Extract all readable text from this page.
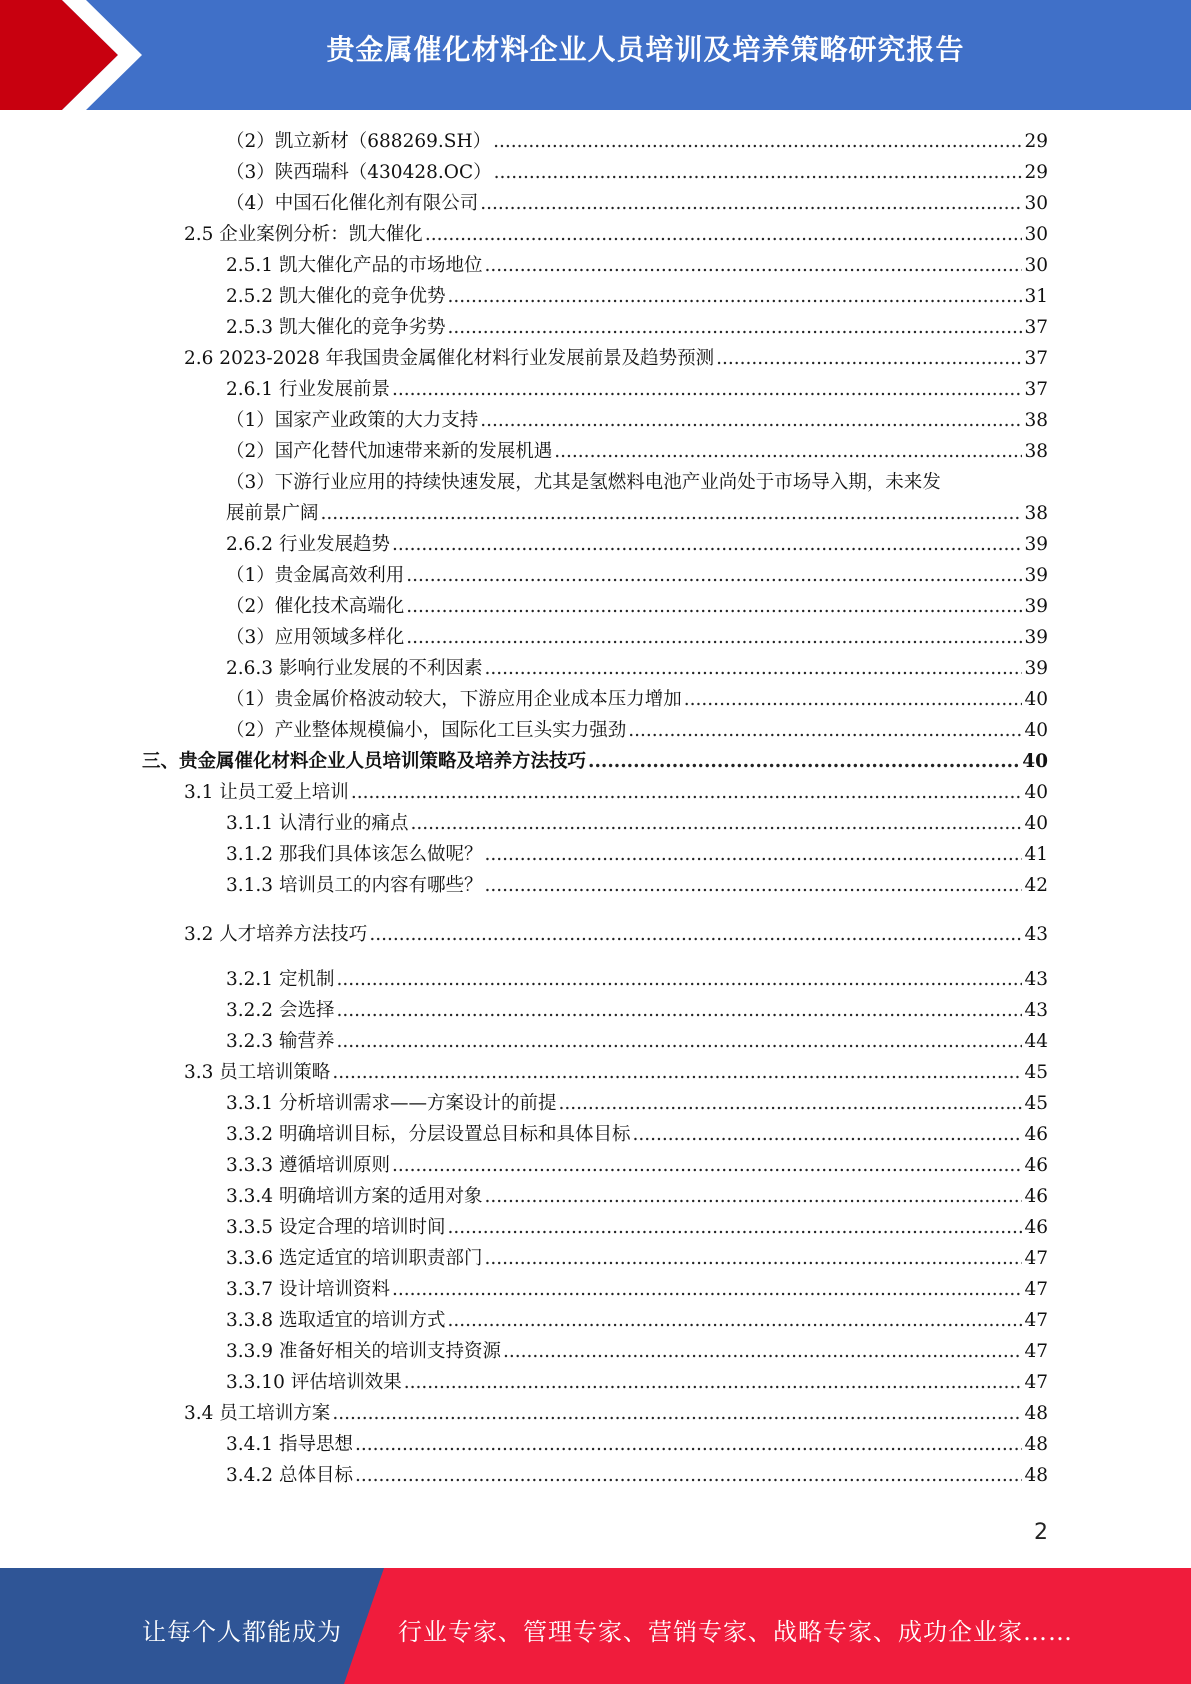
贵金属催化材料企业人员培训及培养策略研究报告
（2）凯立新材（688269.SH） .....	29
（3）陕西瑞科（430428.OC） .....	29
（4）中国石化催化剂有限公司 .....	30
2.5 企业案例分析：凯大催化 .....	30
2.5.1 凯大催化产品的市场地位 .....	30
2.5.2 凯大催化的竞争优势 .....	31
2.5.3 凯大催化的竞争劣势 .....	37
2.6 2023-2028 年我国贵金属催化材料行业发展前景及趋势预测 .....	37
2.6.1 行业发展前景 .....	37
（1）国家产业政策的大力支持 .....	38
（2）国产化替代加速带来新的发展机遇 .....	38
（3）下游行业应用的持续快速发展，尤其是氢燃料电池产业尚处于市场导入期，未来发
展前景广阔 .....	38
2.6.2 行业发展趋势 .....	39
（1）贵金属高效利用 .....	39
（2）催化技术高端化 .....	39
（3）应用领域多样化 .....	39
2.6.3 影响行业发展的不利因素 .....	39
（1）贵金属价格波动较大，下游应用企业成本压力增加 .....	40
（2）产业整体规模偏小，国际化工巨头实力强劲 .....	40
三、贵金属催化材料企业人员培训策略及培养方法技巧 .....	40
3.1 让员工爱上培训 .....	40
3.1.1 认清行业的痛点 .....	40
3.1.2 那我们具体该怎么做呢？ .....	41
3.1.3 培训员工的内容有哪些？ .....	42
3.2 人才培养方法技巧 .....	43
3.2.1 定机制 .....	43
3.2.2 会选择 .....	43
3.2.3 输营养 .....	44
3.3 员工培训策略 .....	45
3.3.1 分析培训需求——方案设计的前提 .....	45
3.3.2 明确培训目标，分层设置总目标和具体目标 .....	46
3.3.3 遵循培训原则 .....	46
3.3.4 明确培训方案的适用对象 .....	46
3.3.5 设定合理的培训时间 .....	46
3.3.6 选定适宜的培训职责部门 .....	47
3.3.7 设计培训资料 .....	47
3.3.8 选取适宜的培训方式 .....	47
3.3.9 准备好相关的培训支持资源 .....	47
3.3.10 评估培训效果 .....	47
3.4 员工培训方案 .....	48
3.4.1 指导思想 .....	48
3.4.2 总体目标 .....	48
2
让每个人都能成为 行业专家、管理专家、营销专家、战略专家、成功企业家……
